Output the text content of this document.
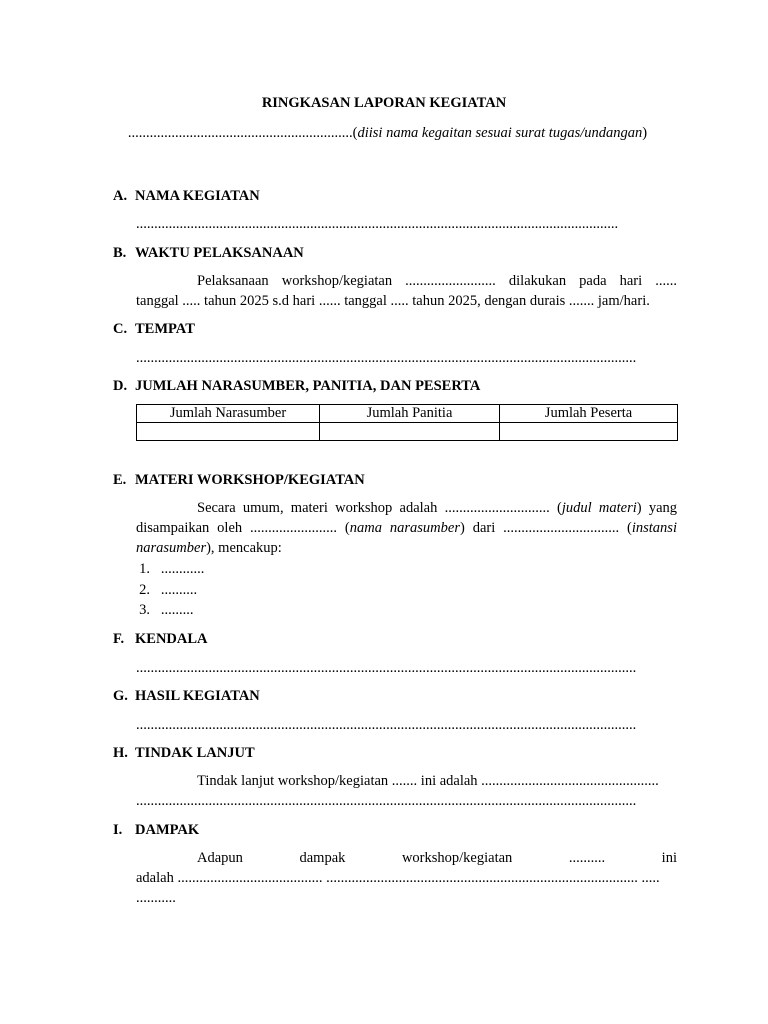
RINGKASAN LAPORAN KEGIATAN
..............................................................(diisi nama kegaitan sesuai surat tugas/undangan)
A. NAMA KEGIATAN
.....................................................................................................................................
B. WAKTU PELAKSANAAN
Pelaksanaan workshop/kegiatan ......................... dilakukan pada hari ......
tanggal ..... tahun 2025 s.d hari ...... tanggal ..... tahun 2025, dengan durais ....... jam/hari.
C. TEMPAT
..........................................................................................................................................
D. JUMLAH NARASUMBER, PANITIA, DAN PESERTA
Jumlah Narasumber	Jumlah Panitia	Jumlah Peserta

E. MATERI WORKSHOP/KEGIATAN
Secara umum, materi workshop adalah ............................. (judul materi) yang disampaikan oleh ........................ (nama narasumber) dari ................................ (instansi narasumber), mencakup:
1. ............
2. ..........
3. .........
F. KENDALA
..........................................................................................................................................
G. HASIL KEGIATAN
..........................................................................................................................................
H. TINDAK LANJUT
Tindak lanjut workshop/kegiatan ....... ini adalah .................................................
..........................................................................................................................................
I. DAMPAK
Adapun	dampak	workshop/kegiatan	..........	ini
adalah ........................................ ...................................................................................... .....
...........
